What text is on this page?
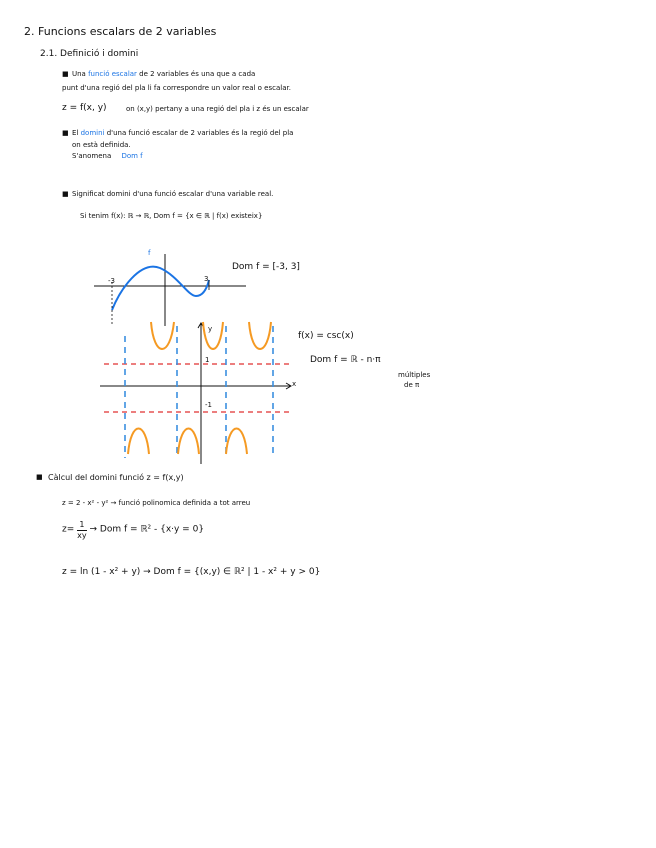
2. Funcions escalars de 2 variables
2.1. Definició i domini
■ Una funció escalar de 2 variables és una que a cada
punt d'una regió del pla li fa correspondre un valor real o escalar.
z = f(x, y)	on (x,y) pertany a una regió del pla i z és un escalar
■ El domini d'una funció escalar de 2 variables és la regió del pla
on està definida.
S'anomena Dom f
■ Significat domini d'una funció escalar d'una variable real.
Si tenim f(x): ℝ → ℝ, Dom f = {x ∈ ℝ | f(x) existeix}
f
-3	3
Dom f = [-3, 3]
x
y
1
-1
f(x) = csc(x)
Dom f = ℝ - n·π
múltiples
de π
■ Càlcul del domini funció z = f(x,y)
z = 2 - x² - y² → funció polinomica definida a tot arreu
$z= \frac{1}{xy}$ → Dom f = ℝ² - {x·y = 0}
z = ln (1 - x² + y) → Dom f = {(x,y) ∈ ℝ² | 1 - x² + y > 0}
